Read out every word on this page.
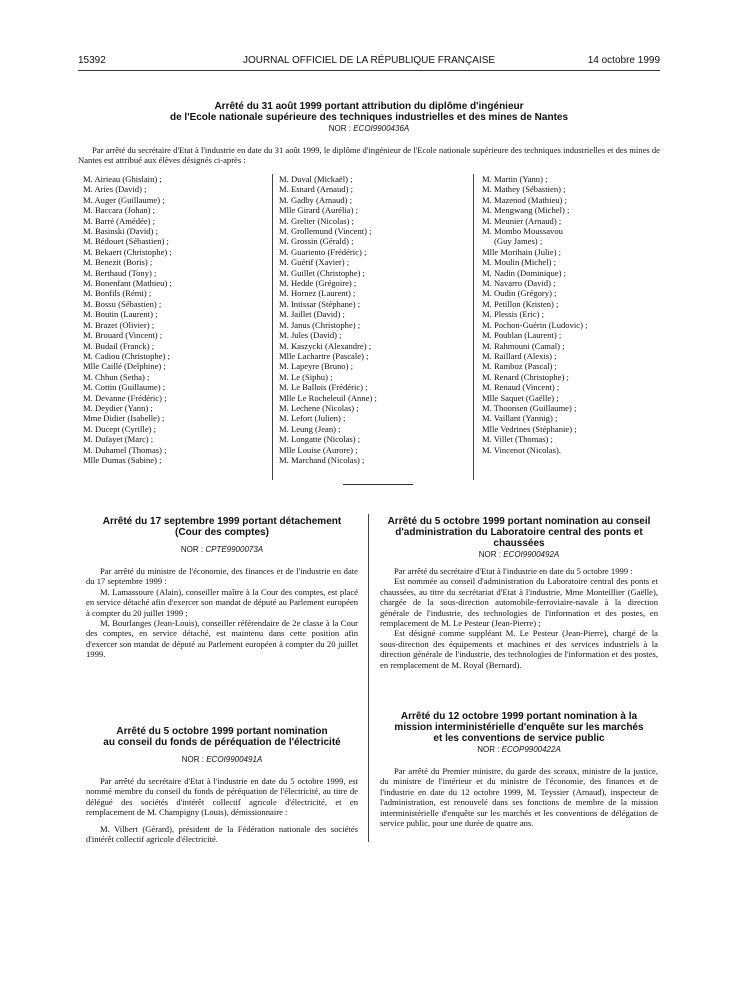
15392	JOURNAL OFFICIEL DE LA RÉPUBLIQUE FRANÇAISE	14 octobre 1999
Arrêté du 31 août 1999 portant attribution du diplôme d'ingénieur
de l'Ecole nationale supérieure des techniques industrielles et des mines de Nantes
NOR : ECOI9900436A

Par arrêté du secrétaire d'Etat à l'industrie en date du 31 août 1999, le diplôme d'ingénieur de l'Ecole nationale supérieure des techniques industrielles et des mines de Nantes est attribué aux élèves désignés ci-après :

M. Airieau (Ghislain) ;
M. Aries (David) ;
M. Auger (Guillaume) ;
M. Baccara (Johan) ;
M. Barré (Amédée) ;
M. Basinski (David) ;
M. Bédouet (Sébastien) ;
M. Bekaert (Christophe) ;
M. Benezit (Boris) ;
M. Berthaud (Tony) ;
M. Bonenfant (Mathieu) ;
M. Bonfils (Rémi) ;
M. Bossu (Sébastien) ;
M. Boutin (Laurent) ;
M. Brazet (Olivier) ;
M. Brouard (Vincent) ;
M. Budail (Franck) ;
M. Cadiou (Christophe) ;
Mlle Caillé (Delphine) ;
M. Chhun (Setha) ;
M. Cottin (Guillaume) ;
M. Devanne (Frédéric) ;
M. Deydier (Yann) ;
Mme Didier (Isabelle) ;
M. Ducept (Cyrille) ;
M. Dufayet (Marc) ;
M. Duhamel (Thomas) ;
Mlle Dumas (Sabine) ;
M. Duval (Mickaël) ;
M. Esnard (Arnaud) ;
M. Gadby (Arnaud) ;
Mlle Girard (Aurélia) ;
M. Grelier (Nicolas) ;
M. Grollemund (Vincent) ;
M. Grossin (Gérald) ;
M. Guariento (Frédéric) ;
M. Guérif (Xavier) ;
M. Guillet (Christophe) ;
M. Hedde (Grégoire) ;
M. Hornez (Laurent) ;
M. Intissar (Stéphane) ;
M. Jaillet (David) ;
M. Janus (Christophe) ;
M. Jules (David) ;
M. Kaszycki (Alexandre) ;
Mlle Lachartre (Pascale) ;
M. Lapeyre (Bruno) ;
M. Le (Siphu) ;
M. Le Ballois (Frédéric) ;
Mlle Le Rocheleuil (Anne) ;
M. Lechene (Nicolas) ;
M. Lefort (Julien) ;
M. Leung (Jean) ;
M. Longatte (Nicolas) ;
Mlle Louise (Aurore) ;
M. Marchand (Nicolas) ;
M. Martin (Yann) ;
M. Mathey (Sébastien) ;
M. Mazenod (Mathieu) ;
M. Mengwang (Michel) ;
M. Meunier (Arnaud) ;
M. Mombo Moussavou
(Guy James) ;
Mlle Morihain (Julie) ;
M. Moulin (Michel) ;
M. Nadin (Dominique) ;
M. Navarro (David) ;
M. Oudin (Grégory) ;
M. Petillon (Kristen) ;
M. Plessis (Eric) ;
M. Pochon-Guérin (Ludovic) ;
M. Poublan (Laurent) ;
M. Rahmouni (Camal) ;
M. Raillard (Alexis) ;
M. Ramboz (Pascal) ;
M. Renard (Christophe) ;
M. Renaud (Vincent) ;
Mlle Saquet (Gaëlle) ;
M. Thoonsen (Guillaume) ;
M. Vaillant (Yannig) ;
Mlle Vedrines (Stéphanie) ;
M. Villet (Thomas) ;
M. Vincenot (Nicolas).
Arrêté du 17 septembre 1999 portant détachement
(Cour des comptes)
NOR : CPTE9900073A

Par arrêté du ministre de l'économie, des finances et de l'industrie en date du 17 septembre 1999 :

M. Lamassoure (Alain), conseiller maître à la Cour des comptes, est placé en service détaché afin d'exercer son mandat de député au Parlement européen à compter du 20 juillet 1999 ;

M. Bourlanges (Jean-Louis), conseiller référendaire de 2e classe à la Cour des comptes, en service détaché, est maintenu dans cette position afin d'exercer son mandat de député au Parlement européen à compter du 20 juillet 1999.

Arrêté du 5 octobre 1999 portant nomination
au conseil du fonds de péréquation de l'électricité
NOR : ECOI9900491A

Par arrêté du secrétaire d'Etat à l'industrie en date du 5 octobre 1999, est nommé membre du conseil du fonds de péréquation de l'électricité, au titre de délégué des sociétés d'intérêt collectif agricole d'électricité, et en remplacement de M. Champigny (Louis), démissionnaire :

M. Vilbert (Gérard), président de la Fédération nationale des sociétés d'intérêt collectif agricole d'électricité.

Arrêté du 5 octobre 1999 portant nomination au conseil
d'administration du Laboratoire central des ponts et
chaussées
NOR : ECOI9900492A

Par arrêté du secrétaire d'Etat à l'industrie en date du 5 octobre 1999 :

Est nommée au conseil d'administration du Laboratoire central des ponts et chaussées, au titre du secrétariat d'Etat à l'industrie, Mme Monteillier (Gaëlle), chargée de la sous-direction automobile-ferroviaire-navale à la direction générale de l'industrie, des technologies de l'information et des postes, en remplacement de M. Le Pesteur (Jean-Pierre) ;

Est désigné comme suppléant M. Le Pesteur (Jean-Pierre), chargé de la sous-direction des équipements et machines et des services industriels à la direction générale de l'industrie, des technologies de l'information et des postes, en remplacement de M. Royal (Bernard).

Arrêté du 12 octobre 1999 portant nomination à la
mission interministérielle d'enquête sur les marchés
et les conventions de service public
NOR : ECOP9900422A

Par arrêté du Premier ministre, du garde des sceaux, ministre de la justice, du ministre de l'intérieur et du ministre de l'économie, des finances et de l'industrie en date du 12 octobre 1999, M. Teyssier (Arnaud), inspecteur de l'administration, est renouvelé dans ses fonctions de membre de la mission interministérielle d'enquête sur les marchés et les conventions de délégation de service public, pour une durée de quatre ans.
